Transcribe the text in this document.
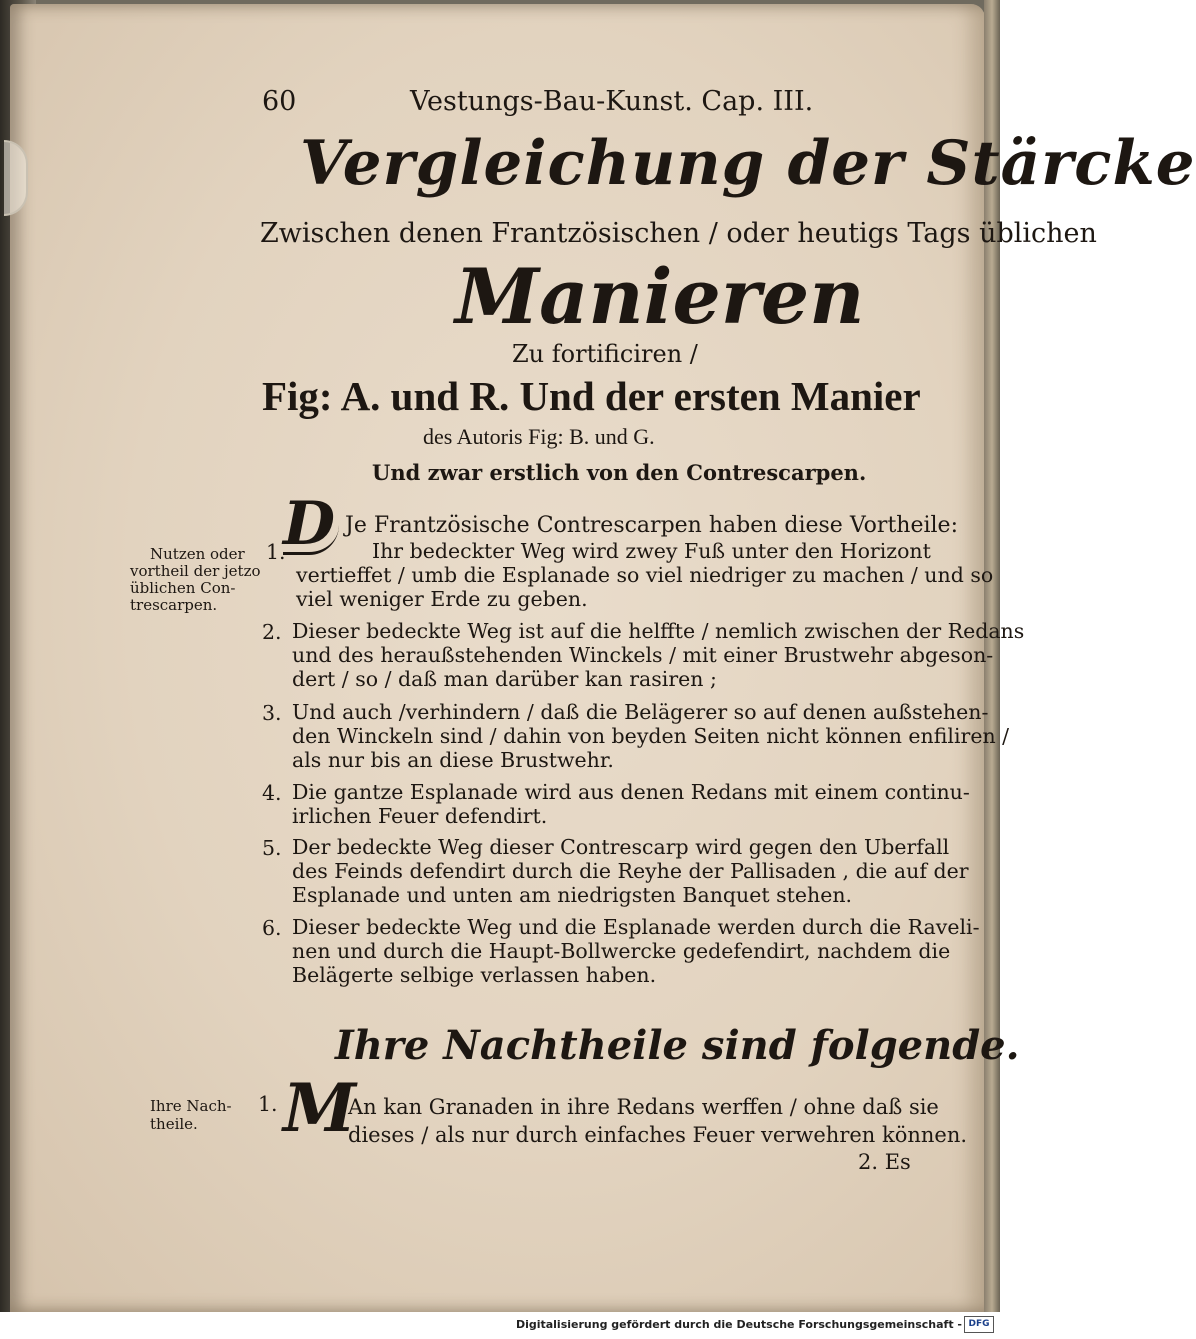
60	Vestungs-Bau-Kunst. Cap. III.
Vergleichung der Stärcke
Zwischen denen Frantzösischen / oder heutigs Tags üblichen
Manieren
Zu fortificiren /
Fig: A. und R. Und der ersten Manier
des Autoris Fig: B. und G.
Und zwar erstlich von den Contrescarpen.
D Je Frantzösische Contrescarpen haben diese Vortheile:
1.	Ihr bedeckter Weg wird zwey Fuß unter den Horizont
vertieffet / umb die Esplanade so viel niedriger zu machen / und so
viel weniger Erde zu geben.
Nutzen oder
vortheil der jetzo
üblichen Con-
trescarpen.
2. Dieser bedeckte Weg ist auf die helffte / nemlich zwischen der Redans
und des heraußstehenden Winckels / mit einer Brustwehr abgeson-
dert / so / daß man darüber kan rasiren ;
3. Und auch /verhindern / daß die Belägerer so auf denen außstehen-
den Winckeln sind / dahin von beyden Seiten nicht können enfiliren /
als nur bis an diese Brustwehr.
4. Die gantze Esplanade wird aus denen Redans mit einem continu-
irlichen Feuer defendirt.
5. Der bedeckte Weg dieser Contrescarp wird gegen den Uberfall
des Feinds defendirt durch die Reyhe der Pallisaden , die auf der
Esplanade und unten am niedrigsten Banquet stehen.
6. Dieser bedeckte Weg und die Esplanade werden durch die Raveli-
nen und durch die Haupt-Bollwercke gedefendirt, nachdem die
Belägerte selbige verlassen haben.
Ihre Nachtheile sind folgende.
Ihre Nach-
theile.
1. M
An kan Granaden in ihre Redans werffen / ohne daß sie
dieses / als nur durch einfaches Feuer verwehren können.
2. Es
Digitalisierung gefördert durch die Deutsche Forschungsgemeinschaft - DFG
